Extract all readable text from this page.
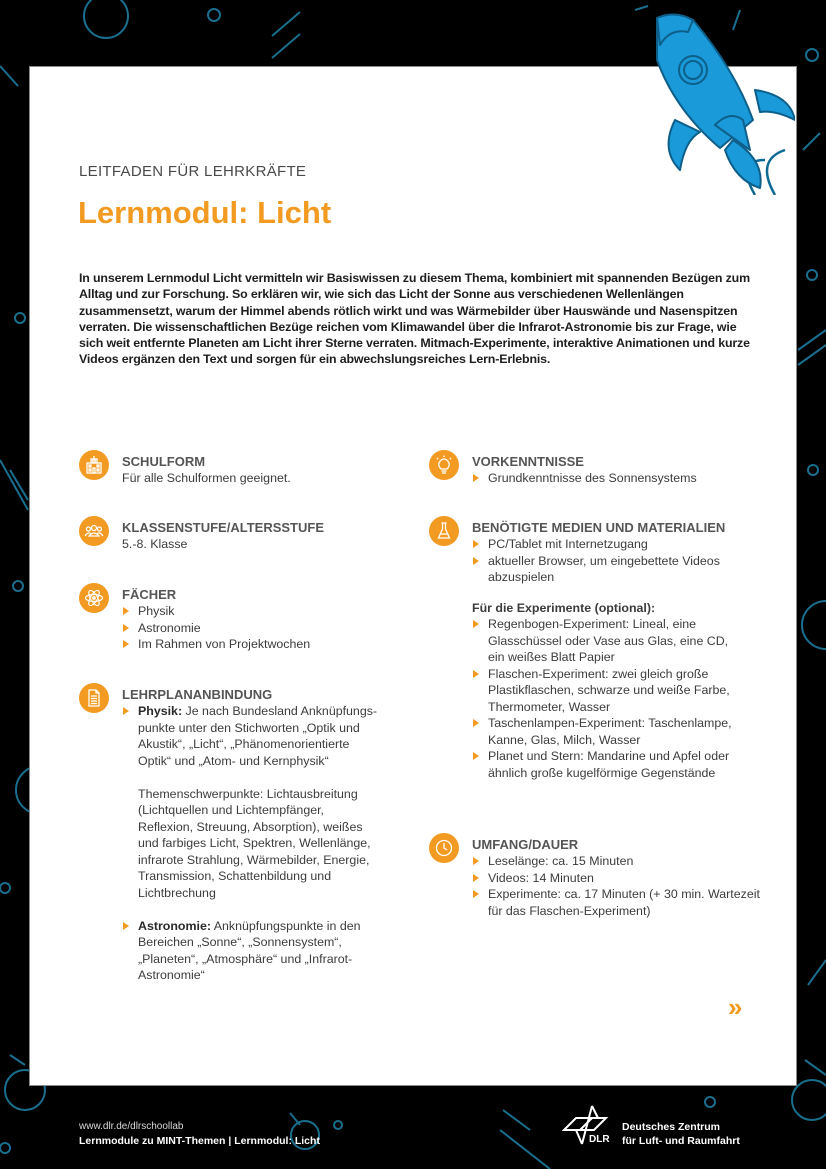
LEITFADEN FÜR LEHRKRÄFTE
Lernmodul: Licht
In unserem Lernmodul Licht vermitteln wir Basiswissen zu diesem Thema, kombiniert mit spannenden Bezügen zum Alltag und zur Forschung. So erklären wir, wie sich das Licht der Sonne aus verschiedenen Wellenlängen zusammensetzt, warum der Himmel abends rötlich wirkt und was Wärmebilder über Hauswände und Nasenspitzen verraten. Die wissenschaftlichen Bezüge reichen vom Klimawandel über die Infrarot-Astronomie bis zur Frage, wie sich weit entfernte Planeten am Licht ihrer Sterne verraten. Mitmach-Experimente, interaktive Animationen und kurze Videos ergänzen den Text und sorgen für ein abwechslungsreiches Lern-Erlebnis.
SCHULFORM
Für alle Schulformen geeignet.
KLASSENSTUFE/ALTERSSTUFE
5.-8. Klasse
FÄCHER
Physik
Astronomie
Im Rahmen von Projektwochen
LEHRPLANANBINDUNG
Physik: Je nach Bundesland Anknüpfungs-punkte unter den Stichworten „Optik und Akustik“, „Licht“, „Phänomenorientierte Optik“ und „Atom- und Kernphysik“
Themenschwerpunkte: Lichtausbreitung (Lichtquellen und Lichtempfänger, Reflexion, Streuung, Absorption), weißes und farbiges Licht, Spektren, Wellenlänge, infrarote Strahlung, Wärmebilder, Energie, Transmission, Schattenbildung und Lichtbrechung
Astronomie: Anknüpfungspunkte in den Bereichen „Sonne“, „Sonnensystem“, „Planeten“, „Atmosphäre“ und „Infrarot-Astronomie“
VORKENNTNISSE
Grundkenntnisse des Sonnensystems
BENÖTIGTE MEDIEN UND MATERIALIEN
PC/Tablet mit Internetzugang
aktueller Browser, um eingebettete Videos abzuspielen
Für die Experimente (optional):
Regenbogen-Experiment: Lineal, eine Glasschüssel oder Vase aus Glas, eine CD, ein weißes Blatt Papier
Flaschen-Experiment: zwei gleich große Plastikflaschen, schwarze und weiße Farbe, Thermometer, Wasser
Taschenlampen-Experiment: Taschenlampe, Kanne, Glas, Milch, Wasser
Planet und Stern: Mandarine und Apfel oder ähnlich große kugelförmige Gegenstände
UMFANG/DAUER
Leselänge: ca. 15 Minuten
Videos: 14 Minuten
Experimente: ca. 17 Minuten (+ 30 min. Wartezeit für das Flaschen-Experiment)
»
www.dlr.de/dlrschoollab
Lernmodule zu MINT-Themen | Lernmodul: Licht	DLR
Deutsches Zentrum
für Luft- und Raumfahrt
